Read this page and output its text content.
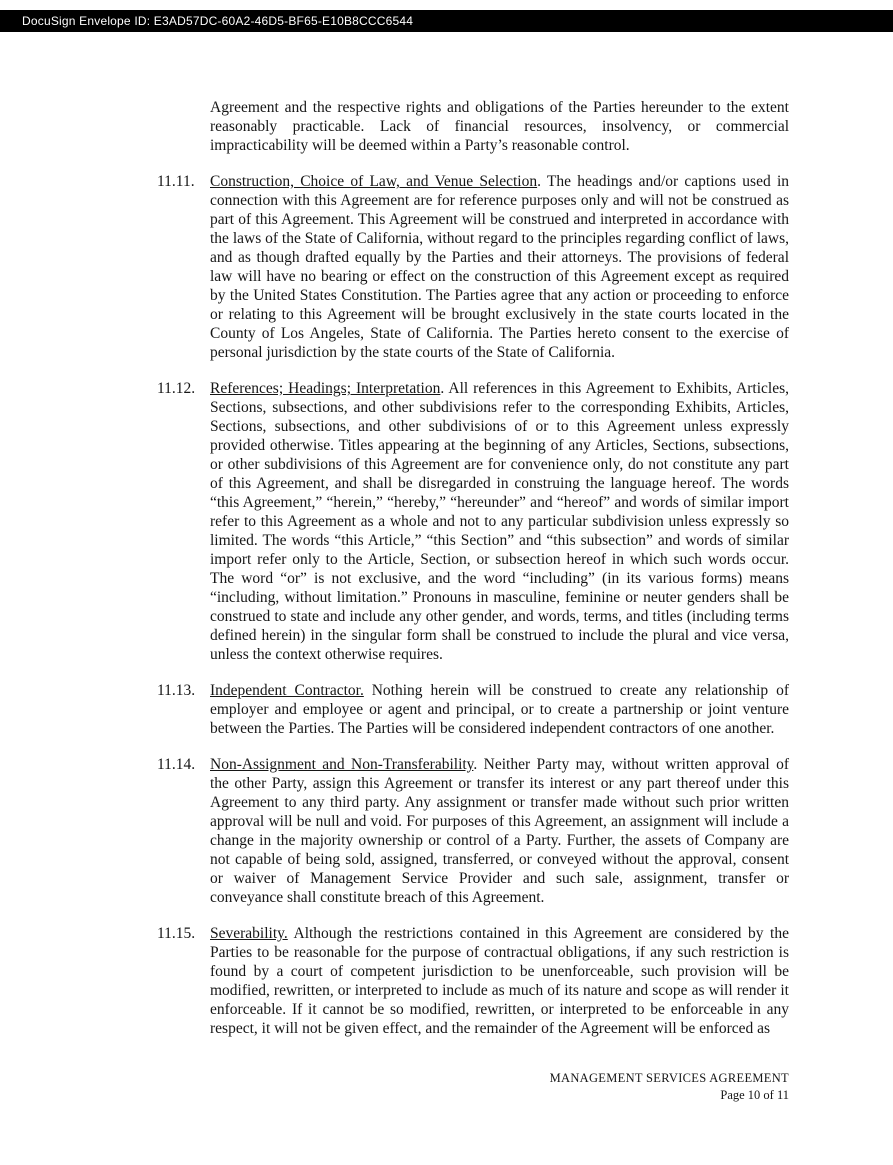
DocuSign Envelope ID: E3AD57DC-60A2-46D5-BF65-E10B8CCC6544

Agreement and the respective rights and obligations of the Parties hereunder to the extent reasonably practicable. Lack of financial resources, insolvency, or commercial impracticability will be deemed within a Party’s reasonable control.

11.11. Construction, Choice of Law, and Venue Selection. The headings and/or captions used in connection with this Agreement are for reference purposes only and will not be construed as part of this Agreement. This Agreement will be construed and interpreted in accordance with the laws of the State of California, without regard to the principles regarding conflict of laws, and as though drafted equally by the Parties and their attorneys. The provisions of federal law will have no bearing or effect on the construction of this Agreement except as required by the United States Constitution. The Parties agree that any action or proceeding to enforce or relating to this Agreement will be brought exclusively in the state courts located in the County of Los Angeles, State of California. The Parties hereto consent to the exercise of personal jurisdiction by the state courts of the State of California.

11.12. References; Headings; Interpretation. All references in this Agreement to Exhibits, Articles, Sections, subsections, and other subdivisions refer to the corresponding Exhibits, Articles, Sections, subsections, and other subdivisions of or to this Agreement unless expressly provided otherwise. Titles appearing at the beginning of any Articles, Sections, subsections, or other subdivisions of this Agreement are for convenience only, do not constitute any part of this Agreement, and shall be disregarded in construing the language hereof. The words “this Agreement,” “herein,” “hereby,” “hereunder” and “hereof” and words of similar import refer to this Agreement as a whole and not to any particular subdivision unless expressly so limited. The words “this Article,” “this Section” and “this subsection” and words of similar import refer only to the Article, Section, or subsection hereof in which such words occur. The word “or” is not exclusive, and the word “including” (in its various forms) means “including, without limitation.” Pronouns in masculine, feminine or neuter genders shall be construed to state and include any other gender, and words, terms, and titles (including terms defined herein) in the singular form shall be construed to include the plural and vice versa, unless the context otherwise requires.

11.13. Independent Contractor. Nothing herein will be construed to create any relationship of employer and employee or agent and principal, or to create a partnership or joint venture between the Parties. The Parties will be considered independent contractors of one another.

11.14. Non-Assignment and Non-Transferability. Neither Party may, without written approval of the other Party, assign this Agreement or transfer its interest or any part thereof under this Agreement to any third party. Any assignment or transfer made without such prior written approval will be null and void. For purposes of this Agreement, an assignment will include a change in the majority ownership or control of a Party. Further, the assets of Company are not capable of being sold, assigned, transferred, or conveyed without the approval, consent or waiver of Management Service Provider and such sale, assignment, transfer or conveyance shall constitute breach of this Agreement.

11.15. Severability. Although the restrictions contained in this Agreement are considered by the Parties to be reasonable for the purpose of contractual obligations, if any such restriction is found by a court of competent jurisdiction to be unenforceable, such provision will be modified, rewritten, or interpreted to include as much of its nature and scope as will render it enforceable. If it cannot be so modified, rewritten, or interpreted to be enforceable in any respect, it will not be given effect, and the remainder of the Agreement will be enforced as

MANAGEMENT SERVICES AGREEMENT
Page 10 of 11
